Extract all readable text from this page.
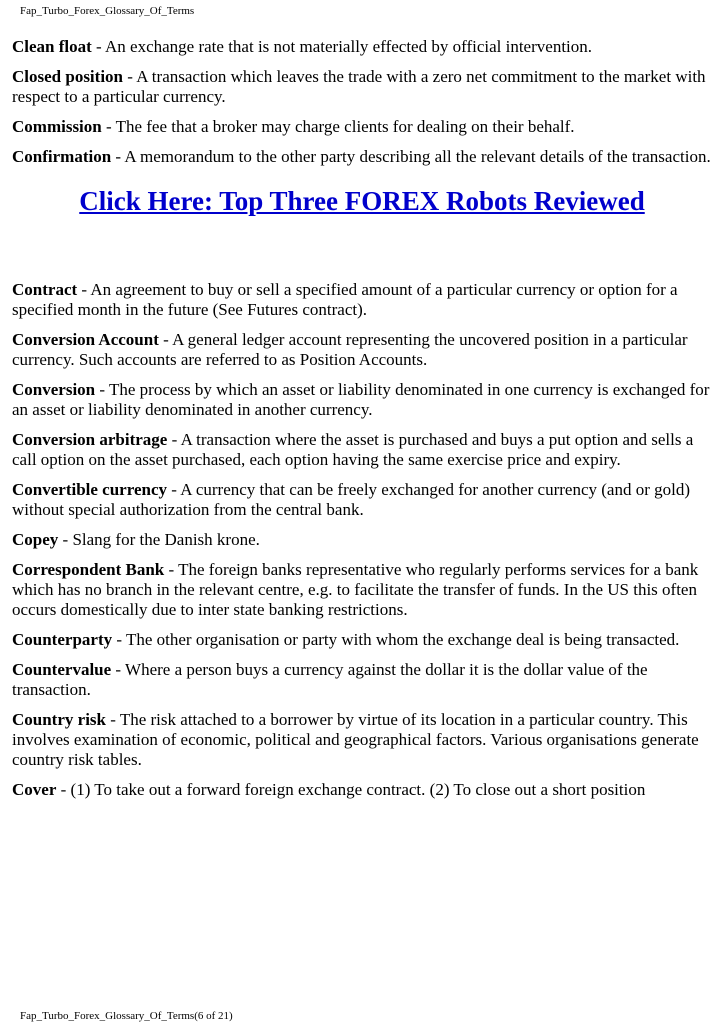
Fap_Turbo_Forex_Glossary_Of_Terms
Clean float - An exchange rate that is not materially effected by official intervention.
Closed position - A transaction which leaves the trade with a zero net commitment to the market with respect to a particular currency.
Commission - The fee that a broker may charge clients for dealing on their behalf.
Confirmation - A memorandum to the other party describing all the relevant details of the transaction.
Click Here: Top Three FOREX Robots Reviewed
Contract - An agreement to buy or sell a specified amount of a particular currency or option for a specified month in the future (See Futures contract).
Conversion Account - A general ledger account representing the uncovered position in a particular currency. Such accounts are referred to as Position Accounts.
Conversion - The process by which an asset or liability denominated in one currency is exchanged for an asset or liability denominated in another currency.
Conversion arbitrage - A transaction where the asset is purchased and buys a put option and sells a call option on the asset purchased, each option having the same exercise price and expiry.
Convertible currency - A currency that can be freely exchanged for another currency (and or gold) without special authorization from the central bank.
Copey - Slang for the Danish krone.
Correspondent Bank - The foreign banks representative who regularly performs services for a bank which has no branch in the relevant centre, e.g. to facilitate the transfer of funds. In the US this often occurs domestically due to inter state banking restrictions.
Counterparty - The other organisation or party with whom the exchange deal is being transacted.
Countervalue - Where a person buys a currency against the dollar it is the dollar value of the transaction.
Country risk - The risk attached to a borrower by virtue of its location in a particular country. This involves examination of economic, political and geographical factors. Various organisations generate country risk tables.
Cover - (1) To take out a forward foreign exchange contract. (2) To close out a short position
Fap_Turbo_Forex_Glossary_Of_Terms(6 of 21)
